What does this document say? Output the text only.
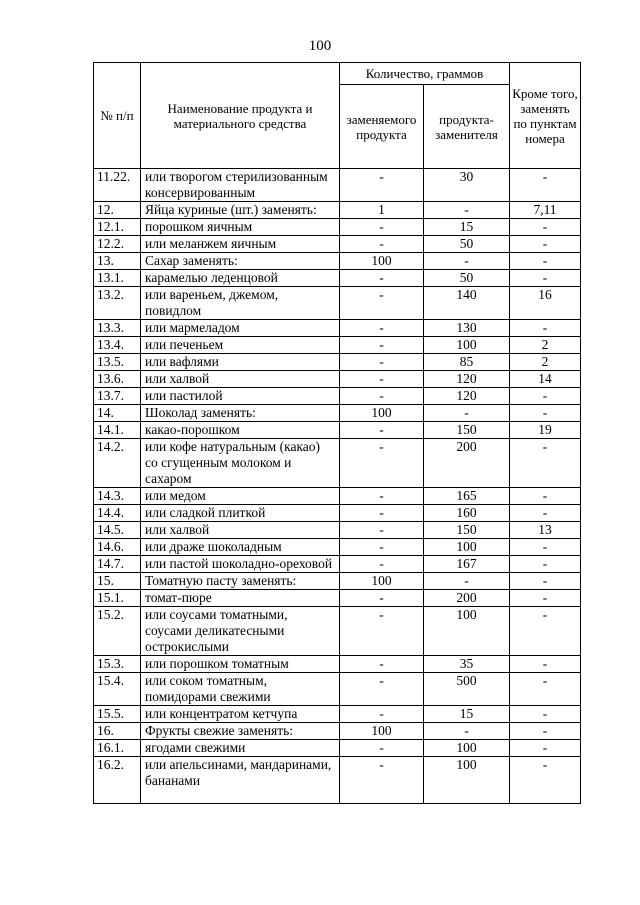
100
№ п/п	Наименование продукта и материального средства	Количество, граммов		Кроме того, заменять по пунктам номера
		заменяемого продукта	продукта-заменителя	
11.22.	или творогом стерилизованным консервированным	-	30	-
12.	Яйца куриные (шт.) заменять:	1	-	7,11
12.1.	порошком яичным	-	15	-
12.2.	или меланжем яичным	-	50	-
13.	Сахар заменять:	100	-	-
13.1.	карамелью леденцовой	-	50	-
13.2.	или вареньем, джемом, повидлом	-	140	16
13.3.	или мармеладом	-	130	-
13.4.	или печеньем	-	100	2
13.5.	или вафлями	-	85	2
13.6.	или халвой	-	120	14
13.7.	или пастилой	-	120	-
14.	Шоколад заменять:	100	-	-
14.1.	какао-порошком	-	150	19
14.2.	или кофе натуральным (какао) со сгущенным молоком и сахаром	-	200	-
14.3.	или медом	-	165	-
14.4.	или сладкой плиткой	-	160	-
14.5.	или халвой	-	150	13
14.6.	или драже шоколадным	-	100	-
14.7.	или пастой шоколадно-ореховой	-	167	-
15.	Томатную пасту заменять:	100	-	-
15.1.	томат-пюре	-	200	-
15.2.	или соусами томатными, соусами деликатесными острокислыми	-	100	-
15.3.	или порошком томатным	-	35	-
15.4.	или соком томатным, помидорами свежими	-	500	-
15.5.	или концентратом кетчупа	-	15	-
16.	Фрукты свежие заменять:	100	-	-
16.1.	ягодами свежими	-	100	-
16.2.	или апельсинами, мандаринами, бананами	-	100	-
